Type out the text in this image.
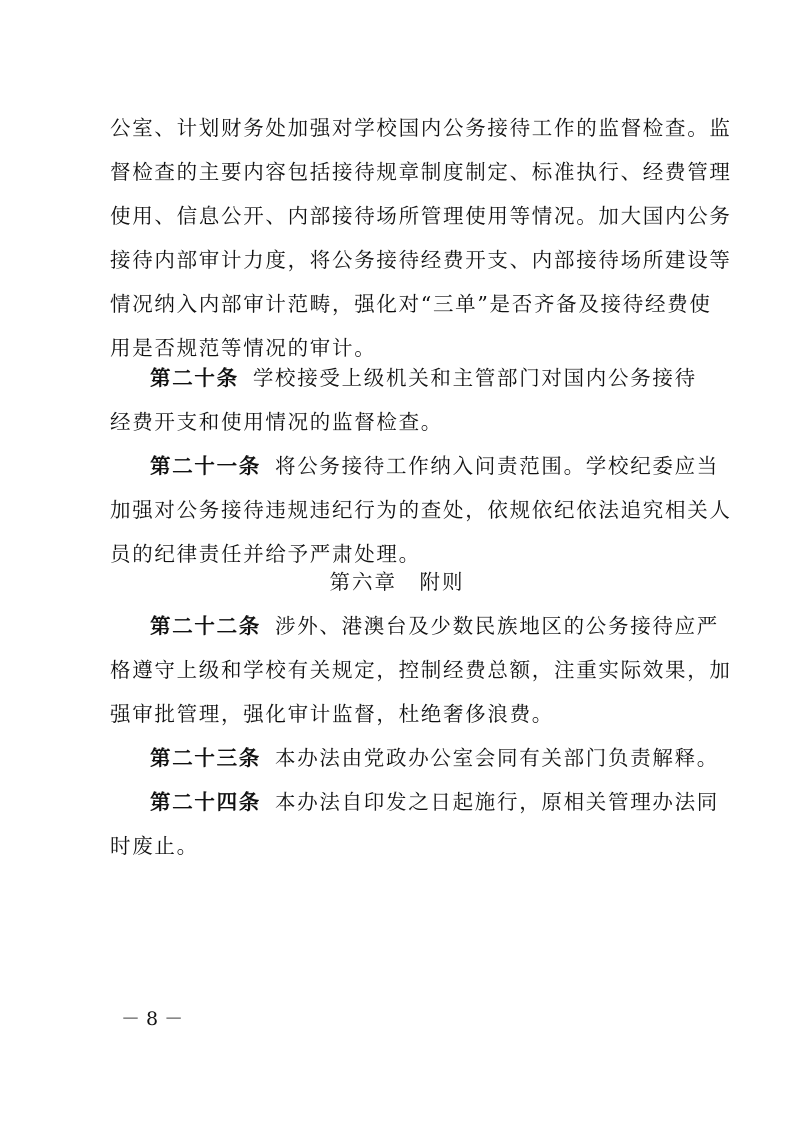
公室、计划财务处加强对学校国内公务接待工作的监督检查。监
督检查的主要内容包括接待规章制度制定、标准执行、经费管理
使用、信息公开、内部接待场所管理使用等情况。加大国内公务
接待内部审计力度，将公务接待经费开支、内部接待场所建设等
情况纳入内部审计范畴，强化对“三单”是否齐备及接待经费使
用是否规范等情况的审计。
第二十条 学校接受上级机关和主管部门对国内公务接待
经费开支和使用情况的监督检查。
第二十一条 将公务接待工作纳入问责范围。学校纪委应当
加强对公务接待违规违纪行为的查处，依规依纪依法追究相关人
员的纪律责任并给予严肃处理。
第六章　附则
第二十二条 涉外、港澳台及少数民族地区的公务接待应严
格遵守上级和学校有关规定，控制经费总额，注重实际效果，加
强审批管理，强化审计监督，杜绝奢侈浪费。
第二十三条 本办法由党政办公室会同有关部门负责解释。
第二十四条 本办法自印发之日起施行，原相关管理办法同
时废止。
－ 8 －
